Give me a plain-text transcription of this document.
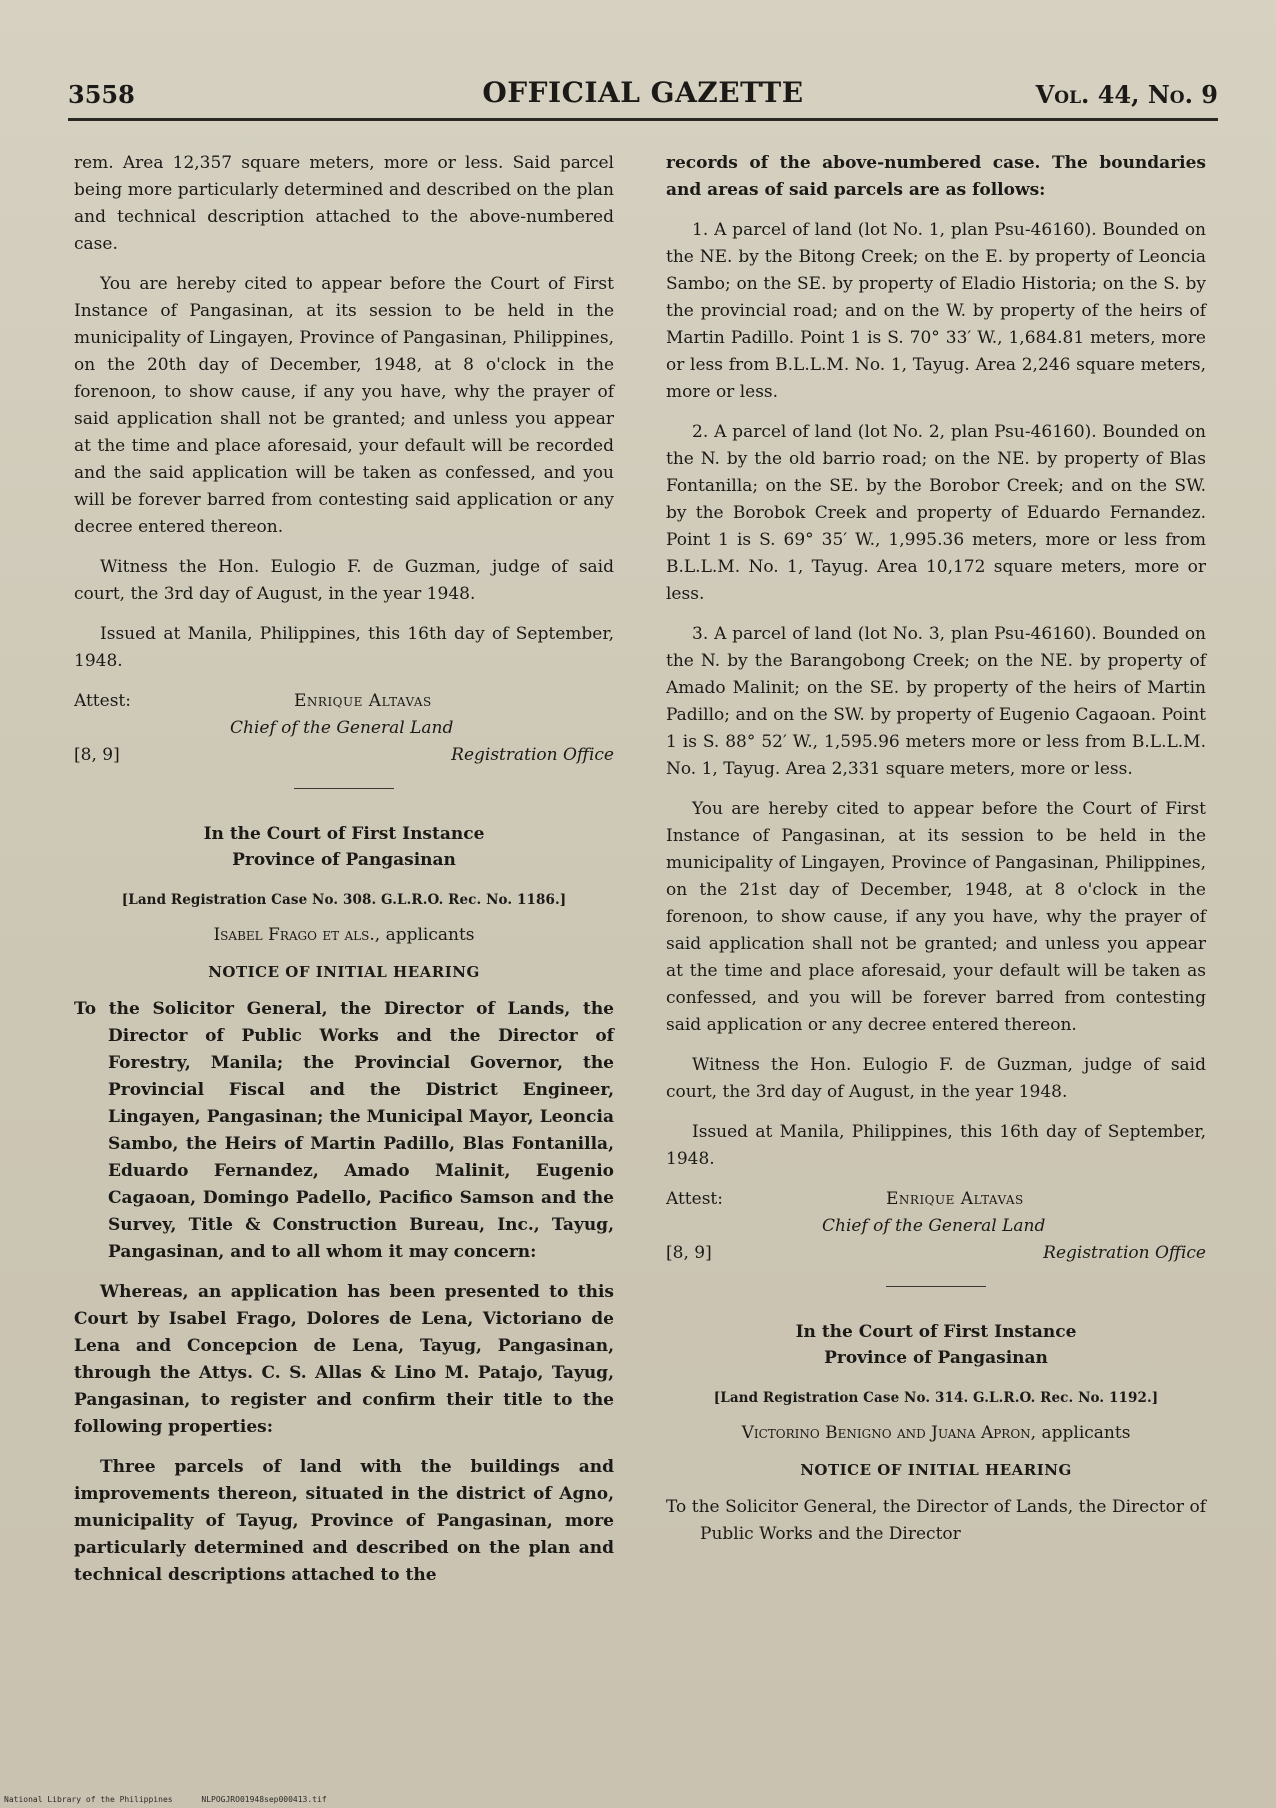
3558	OFFICIAL GAZETTE	Vol. 44, No. 9

rem. Area 12,357 square meters, more or less. Said parcel being more particularly determined and described on the plan and technical description attached to the above-numbered case.

You are hereby cited to appear before the Court of First Instance of Pangasinan, at its session to be held in the municipality of Lingayen, Province of Pangasinan, Philippines, on the 20th day of December, 1948, at 8 o'clock in the forenoon, to show cause, if any you have, why the prayer of said application shall not be granted; and unless you appear at the time and place aforesaid, your default will be recorded and the said application will be taken as confessed, and you will be forever barred from contesting said application or any decree entered thereon.

Witness the Hon. Eulogio F. de Guzman, judge of said court, the 3rd day of August, in the year 1948.

Issued at Manila, Philippines, this 16th day of September, 1948.

Attest:	Enrique Altavas
Chief of the General Land
[8, 9]	Registration Office
In the Court of First Instance
Province of Pangasinan
[Land Registration Case No. 308. G.L.R.O. Rec. No. 1186.]
Isabel Frago et als., applicants
NOTICE OF INITIAL HEARING

To the Solicitor General, the Director of Lands, the Director of Public Works and the Director of Forestry, Manila; the Provincial Governor, the Provincial Fiscal and the District Engineer, Lingayen, Pangasinan; the Municipal Mayor, Leoncia Sambo, the Heirs of Martin Padillo, Blas Fontanilla, Eduardo Fernandez, Amado Malinit, Eugenio Cagaoan, Domingo Padello, Pacifico Samson and the Survey, Title & Construction Bureau, Inc., Tayug, Pangasinan, and to all whom it may concern:

Whereas, an application has been presented to this Court by Isabel Frago, Dolores de Lena, Victoriano de Lena and Concepcion de Lena, Tayug, Pangasinan, through the Attys. C. S. Allas & Lino M. Patajo, Tayug, Pangasinan, to register and confirm their title to the following properties:

Three parcels of land with the buildings and improvements thereon, situated in the district of Agno, municipality of Tayug, Province of Pangasinan, more particularly determined and described on the plan and technical descriptions attached to the

records of the above-numbered case. The boundaries and areas of said parcels are as follows:

1. A parcel of land (lot No. 1, plan Psu-46160). Bounded on the NE. by the Bitong Creek; on the E. by property of Leoncia Sambo; on the SE. by property of Eladio Historia; on the S. by the provincial road; and on the W. by property of the heirs of Martin Padillo. Point 1 is S. 70° 33′ W., 1,684.81 meters, more or less from B.L.L.M. No. 1, Tayug. Area 2,246 square meters, more or less.

2. A parcel of land (lot No. 2, plan Psu-46160). Bounded on the N. by the old barrio road; on the NE. by property of Blas Fontanilla; on the SE. by the Borobor Creek; and on the SW. by the Borobok Creek and property of Eduardo Fernandez. Point 1 is S. 69° 35′ W., 1,995.36 meters, more or less from B.L.L.M. No. 1, Tayug. Area 10,172 square meters, more or less.

3. A parcel of land (lot No. 3, plan Psu-46160). Bounded on the N. by the Barangobong Creek; on the NE. by property of Amado Malinit; on the SE. by property of the heirs of Martin Padillo; and on the SW. by property of Eugenio Cagaoan. Point 1 is S. 88° 52′ W., 1,595.96 meters more or less from B.L.L.M. No. 1, Tayug. Area 2,331 square meters, more or less.

You are hereby cited to appear before the Court of First Instance of Pangasinan, at its session to be held in the municipality of Lingayen, Province of Pangasinan, Philippines, on the 21st day of December, 1948, at 8 o'clock in the forenoon, to show cause, if any you have, why the prayer of said application shall not be granted; and unless you appear at the time and place aforesaid, your default will be taken as confessed, and you will be forever barred from contesting said application or any decree entered thereon.

Witness the Hon. Eulogio F. de Guzman, judge of said court, the 3rd day of August, in the year 1948.

Issued at Manila, Philippines, this 16th day of September, 1948.

Attest:	Enrique Altavas
Chief of the General Land
[8, 9]	Registration Office
In the Court of First Instance
Province of Pangasinan
[Land Registration Case No. 314. G.L.R.O. Rec. No. 1192.]
Victorino Benigno and Juana Apron, applicants
NOTICE OF INITIAL HEARING

To the Solicitor General, the Director of Lands, the Director of Public Works and the Director

National Library of the Philippines	NLPOGJRO01948sep000413.tif
